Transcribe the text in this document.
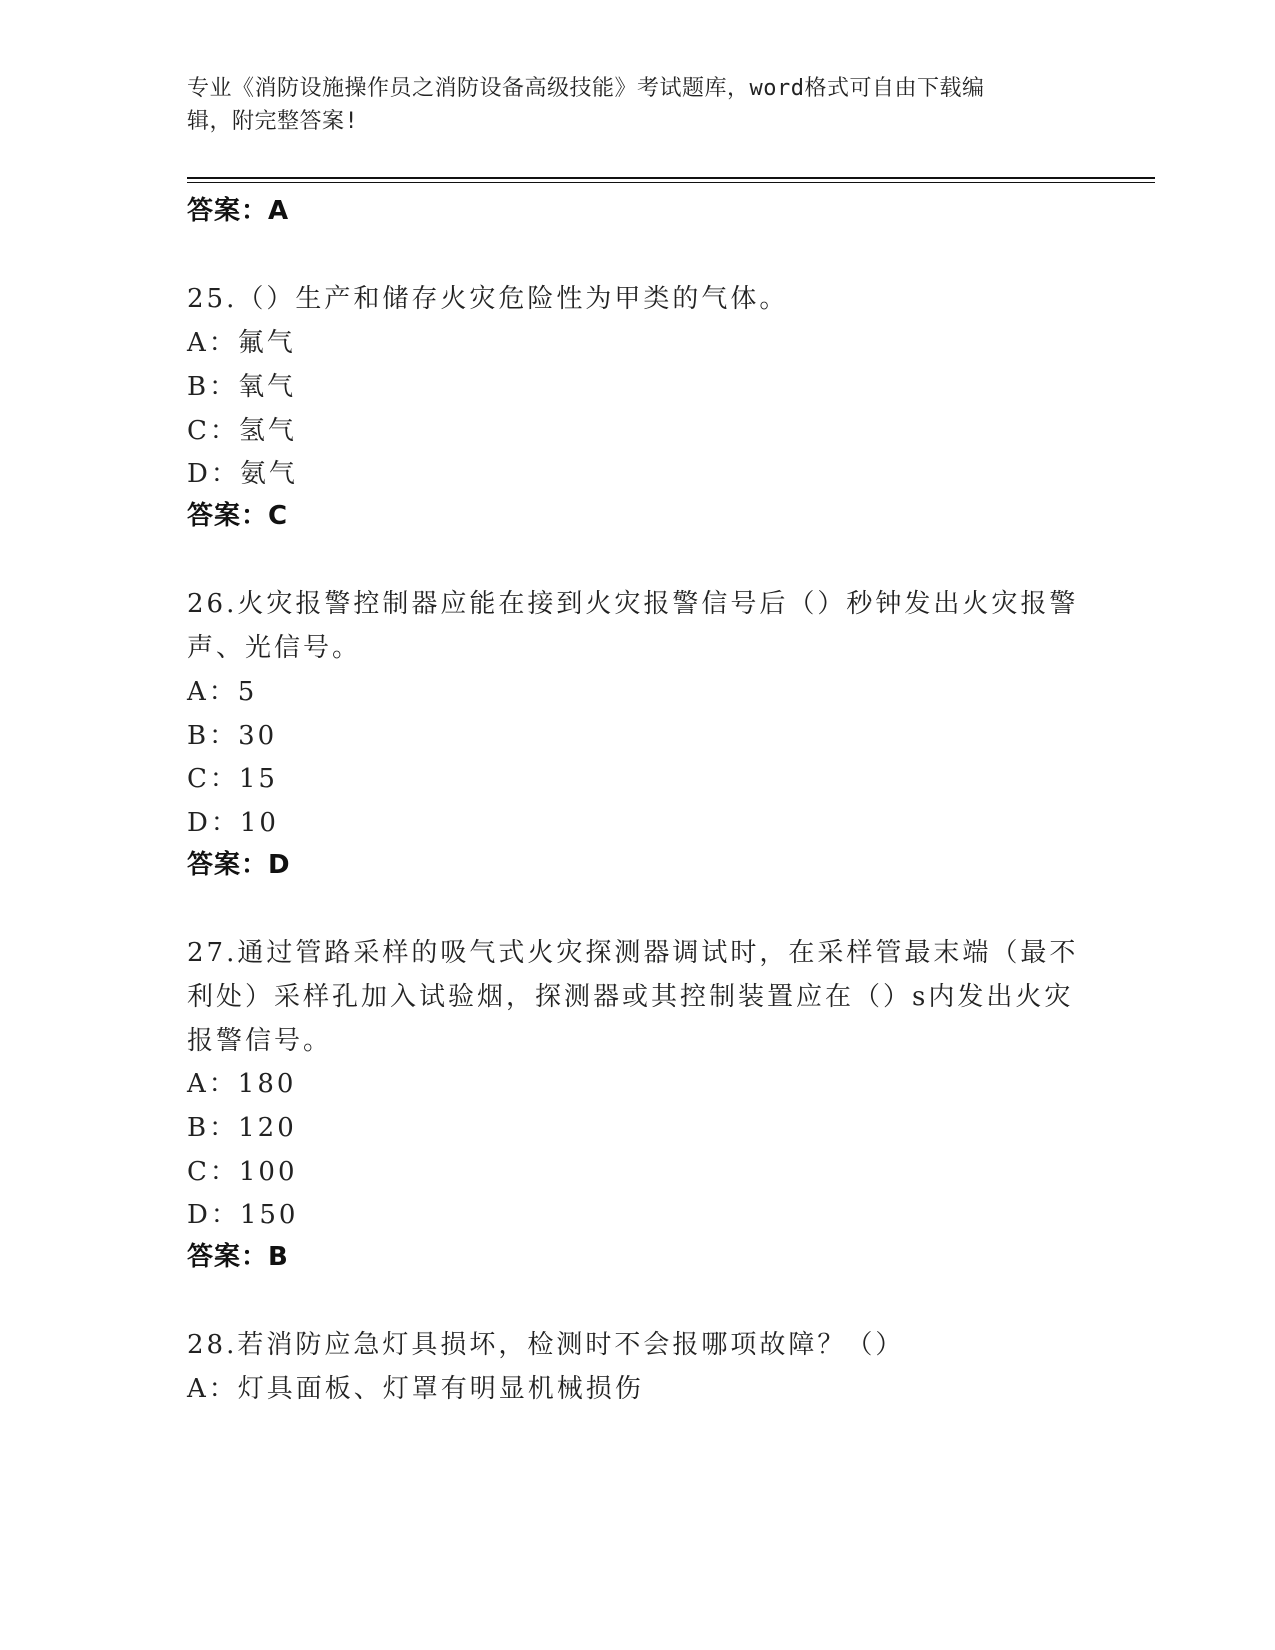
专业《消防设施操作员之消防设备高级技能》考试题库，word格式可自由下载编
辑，附完整答案!
答案：A
25.（）生产和储存火灾危险性为甲类的气体。
A：氟气
B：氧气
C：氢气
D：氨气
答案：C
26.火灾报警控制器应能在接到火灾报警信号后（）秒钟发出火灾报警
声、光信号。
A：5
B：30
C：15
D：10
答案：D
27.通过管路采样的吸气式火灾探测器调试时，在采样管最末端（最不
利处）采样孔加入试验烟，探测器或其控制装置应在（）s内发出火灾
报警信号。
A：180
B：120
C：100
D：150
答案：B
28.若消防应急灯具损坏，检测时不会报哪项故障？（）
A：灯具面板、灯罩有明显机械损伤
